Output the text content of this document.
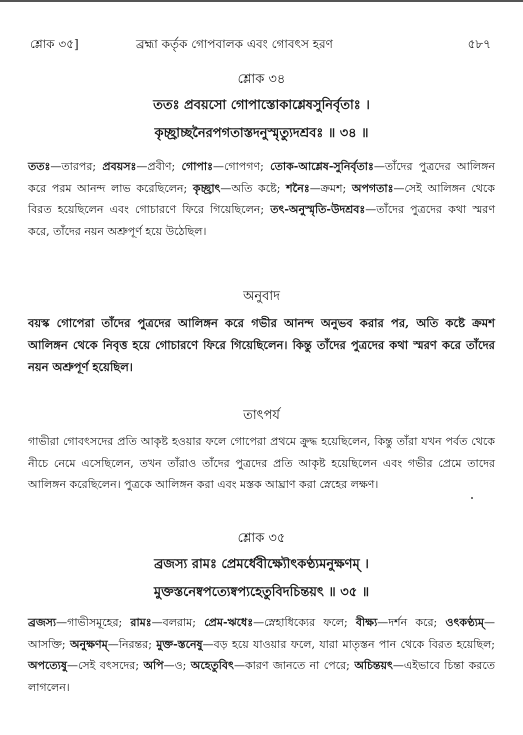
শ্লোক ৩৫]	ব্রহ্মা কর্তৃক গোপবালক এবং গোবৎস হরণ	৫৮৭
শ্লোক ৩৪
ততঃ প্রবয়সো গোপাস্তোকাশ্লেষসুনির্বৃতাঃ ।
কৃচ্ছ্রাচ্ছনৈরপগতাস্তদনুস্মৃত্যুদশ্রবঃ ॥ ৩৪ ॥
ততঃ—তারপর; প্রবয়সঃ—প্রবীণ; গোপাঃ—গোপগণ; তোক-আশ্লেষ-সুনির্বৃতাঃ—তাঁদের পুত্রদের আলিঙ্গন করে পরম আনন্দ লাভ করেছিলেন; কৃচ্ছ্রাৎ—অতি কষ্টে; শনৈঃ—ক্রমশ; অপগতাঃ—সেই আলিঙ্গন থেকে বিরত হয়েছিলেন এবং গোচারণে ফিরে গিয়েছিলেন; তৎ-অনুস্মৃতি-উদশ্রবঃ—তাঁদের পুত্রদের কথা স্মরণ করে, তাঁদের নয়ন অশ্রুপূর্ণ হয়ে উঠেছিল।
অনুবাদ
বয়স্ক গোপেরা তাঁদের পুত্রদের আলিঙ্গন করে গভীর আনন্দ অনুভব করার পর, অতি কষ্টে ক্রমশ আলিঙ্গন থেকে নিবৃত্ত হয়ে গোচারণে ফিরে গিয়েছিলেন। কিন্তু তাঁদের পুত্রদের কথা স্মরণ করে তাঁদের নয়ন অশ্রুপূর্ণ হয়েছিল।
তাৎপর্য
গাভীরা গোবৎসদের প্রতি আকৃষ্ট হওয়ার ফলে গোপেরা প্রথমে ক্রুদ্ধ হয়েছিলেন, কিন্তু তাঁরা যখন পর্বত থেকে নীচে নেমে এসেছিলেন, তখন তাঁরাও তাঁদের পুত্রদের প্রতি আকৃষ্ট হয়েছিলেন এবং গভীর প্রেমে তাদের আলিঙ্গন করেছিলেন। পুত্রকে আলিঙ্গন করা এবং মস্তক আঘ্রাণ করা স্নেহের লক্ষণ।
শ্লোক ৩৫
ব্রজস্য রামঃ প্রেমর্ধেবীক্ষ্যৌৎকণ্ঠ্যমনুক্ষণম্ ।
মুক্তস্তনেষ্বপত্যেষ্বপ্যহেতুবিদচিন্তয়ৎ ॥ ৩৫ ॥
ব্রজস্য—গাভীসমূহের; রামঃ—বলরাম; প্রেম-ঋধেঃ—স্নেহাধিক্যের ফলে; বীক্ষ্য—দর্শন করে; ওৎকণ্ঠ্যম্—আসক্তি; অনুক্ষণম্—নিরন্তর; মুক্ত-স্তনেষু—বড় হয়ে যাওয়ার ফলে, যারা মাতৃস্তন পান থেকে বিরত হয়েছিল; অপত্যেষু—সেই বৎসদের; অপি—ও; অহেতুবিৎ—কারণ জানতে না পেরে; অচিন্তয়ৎ—এইভাবে চিন্তা করতে লাগলেন।
